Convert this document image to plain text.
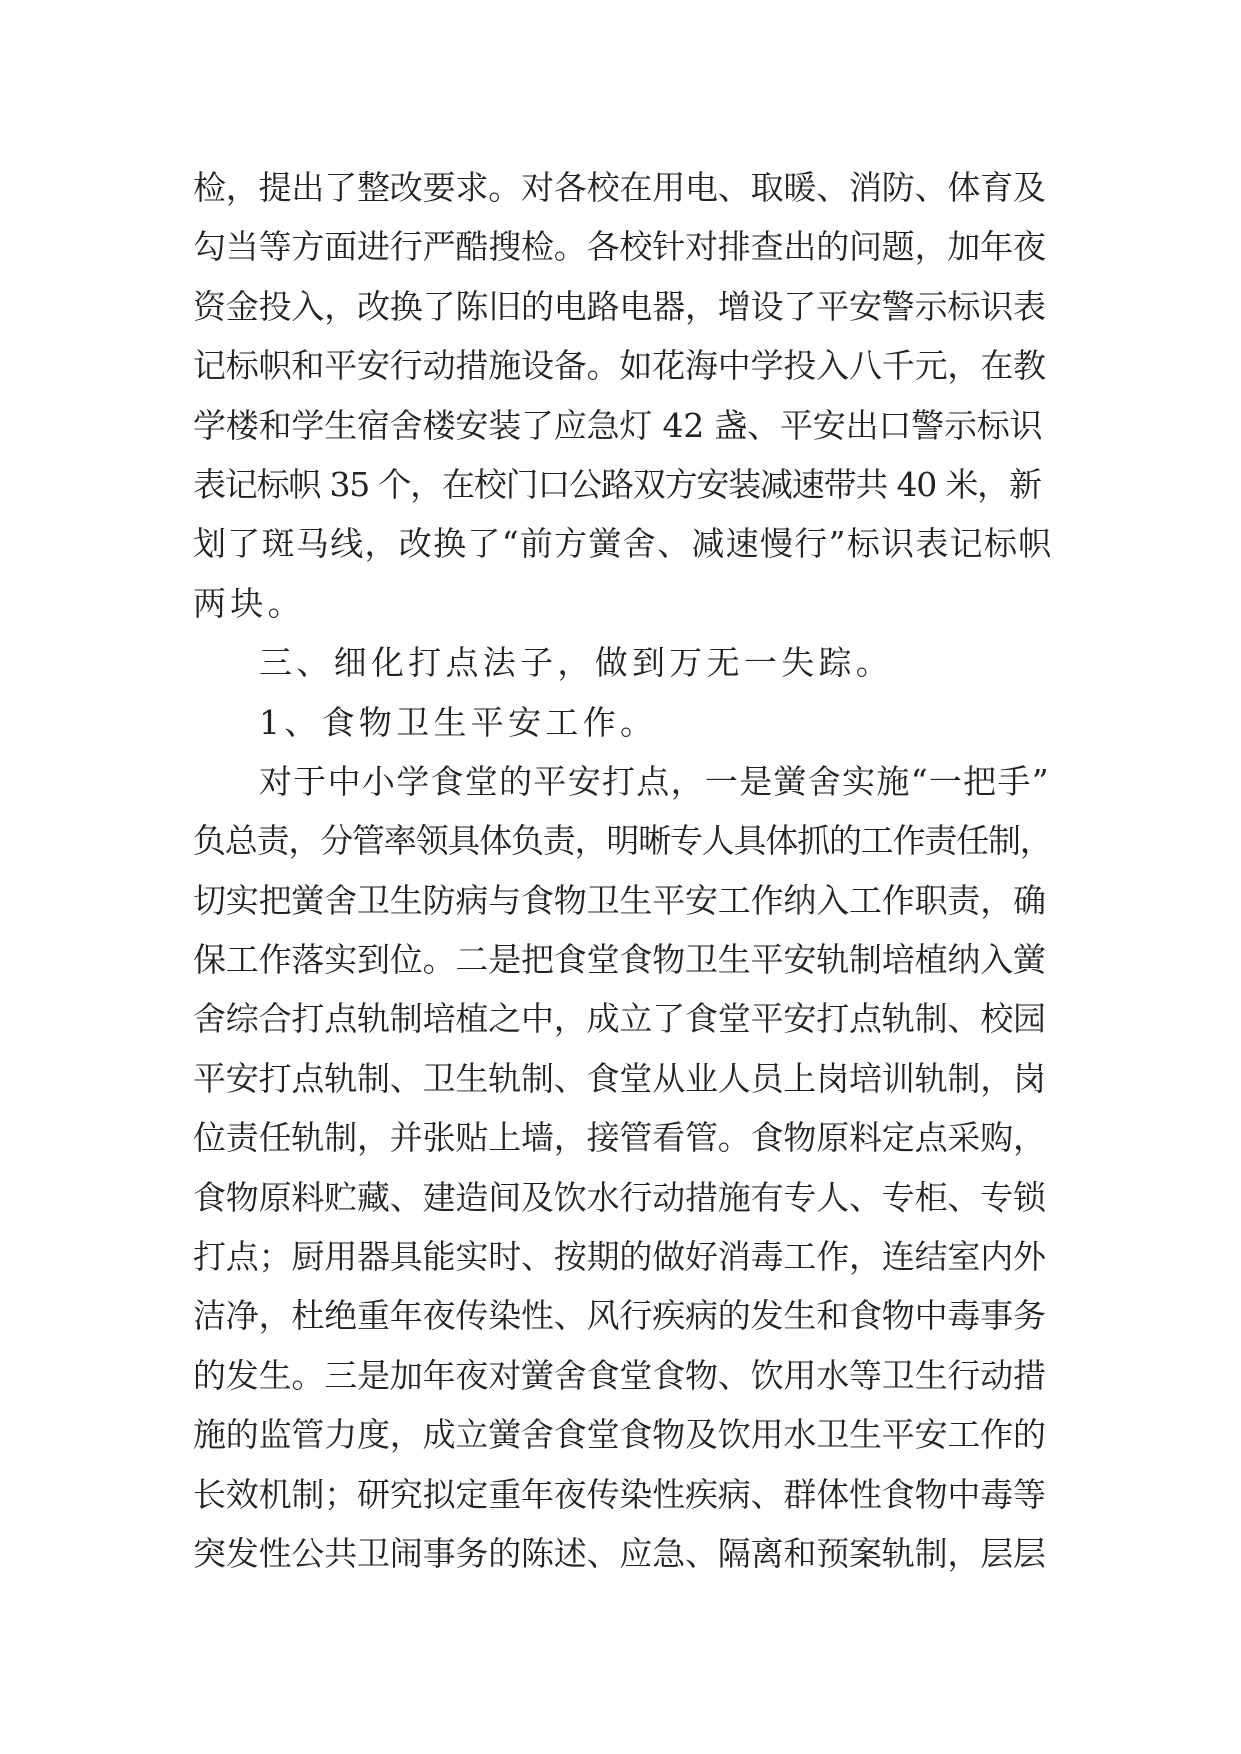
检，提出了整改要求。对各校在用电、取暖、消防、体育及
勾当等方面进行严酷搜检。各校针对排查出的问题，加年夜
资金投入，改换了陈旧的电路电器，增设了平安警示标识表
记标帜和平安行动措施设备。如花海中学投入八千元，在教
学楼和学生宿舍楼安装了应急灯 42 盏、平安出口警示标识
表记标帜 35 个，在校门口公路双方安装减速带共 40 米，新
划了斑马线，改换了“前方黉舍、减速慢行”标识表记标帜
两块。
三、细化打点法子，做到万无一失踪。
1、食物卫生平安工作。
对于中小学食堂的平安打点，一是黉舍实施“一把手”
负总责，分管率领具体负责，明晰专人具体抓的工作责任制，
切实把黉舍卫生防病与食物卫生平安工作纳入工作职责，确
保工作落实到位。二是把食堂食物卫生平安轨制培植纳入黉
舍综合打点轨制培植之中，成立了食堂平安打点轨制、校园
平安打点轨制、卫生轨制、食堂从业人员上岗培训轨制，岗
位责任轨制，并张贴上墙，接管看管。食物原料定点采购，
食物原料贮藏、建造间及饮水行动措施有专人、专柜、专锁
打点；厨用器具能实时、按期的做好消毒工作，连结室内外
洁净，杜绝重年夜传染性、风行疾病的发生和食物中毒事务
的发生。三是加年夜对黉舍食堂食物、饮用水等卫生行动措
施的监管力度，成立黉舍食堂食物及饮用水卫生平安工作的
长效机制；研究拟定重年夜传染性疾病、群体性食物中毒等
突发性公共卫闹事务的陈述、应急、隔离和预案轨制，层层
